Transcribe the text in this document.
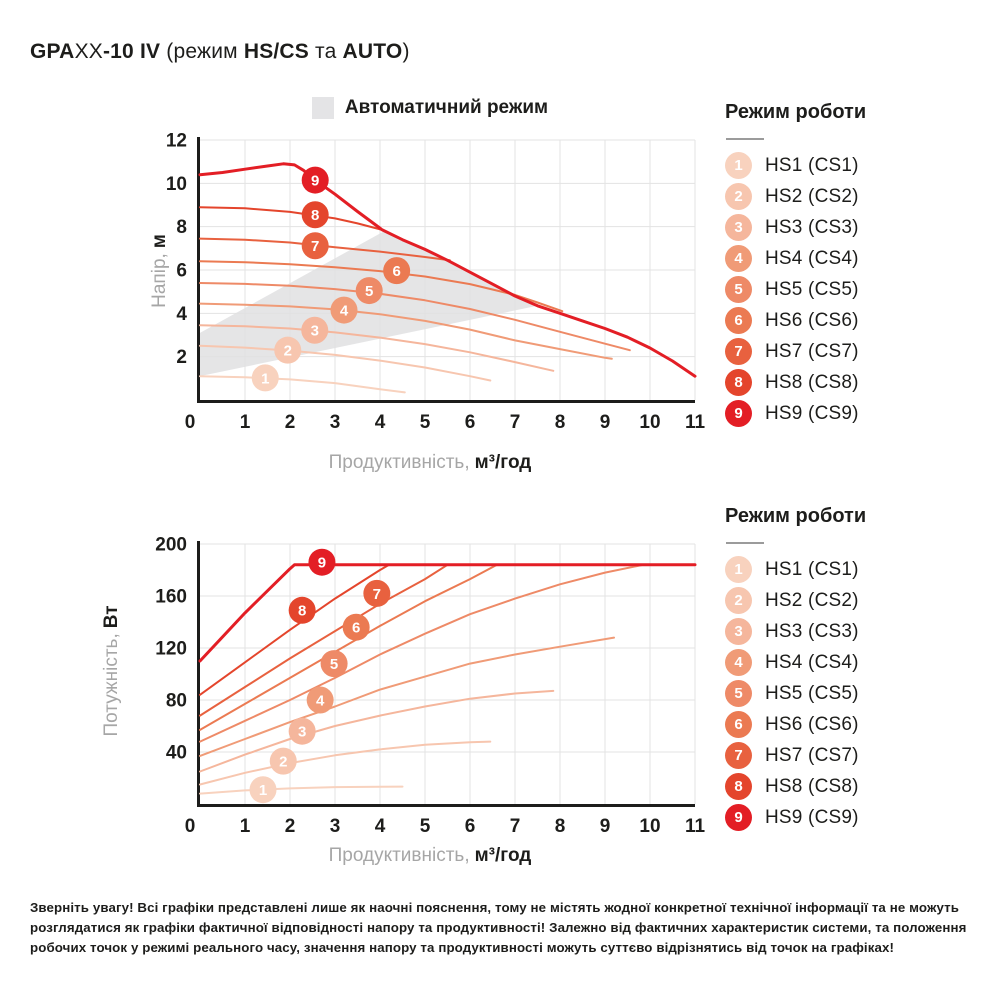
GPAXX-10 IV (режим HS/CS та AUTO)
Автоматичний режим
1
2
3
4
5
6
7
8
9
0 1 2 3 4 5 6 7 8 9 10 11
2
4
6
8
10
12
Продуктивність, м³/год
Напір,м
Режим роботи
1	HS1 (CS1)
2	HS2 (CS2)
3	HS3 (CS3)
4	HS4 (CS4)
5	HS5 (CS5)
6	HS6 (CS6)
7	HS7 (CS7)
8	HS8 (CS8)
9	HS9 (CS9)
1
2
3
4
5
6
7
8
9
0 1 2 3 4 5 6 7 8 9 10 11
40
80
120
160
200
Продуктивність, м³/год
Потужність,Вт
Режим роботи
1	HS1 (CS1)
2	HS2 (CS2)
3	HS3 (CS3)
4	HS4 (CS4)
5	HS5 (CS5)
6	HS6 (CS6)
7	HS7 (CS7)
8	HS8 (CS8)
9	HS9 (CS9)
Зверніть увагу! Всі графіки представлені лише як наочні пояснення, тому не містять жодної конкретної технічної інформації та не можуть розглядатися як графіки фактичної відповідності напору та продуктивності! Залежно від фактичних характеристик системи, та положення робочих точок у режимі реального часу, значення напору та продуктивності можуть суттєво відрізнятись від точок на графіках!
